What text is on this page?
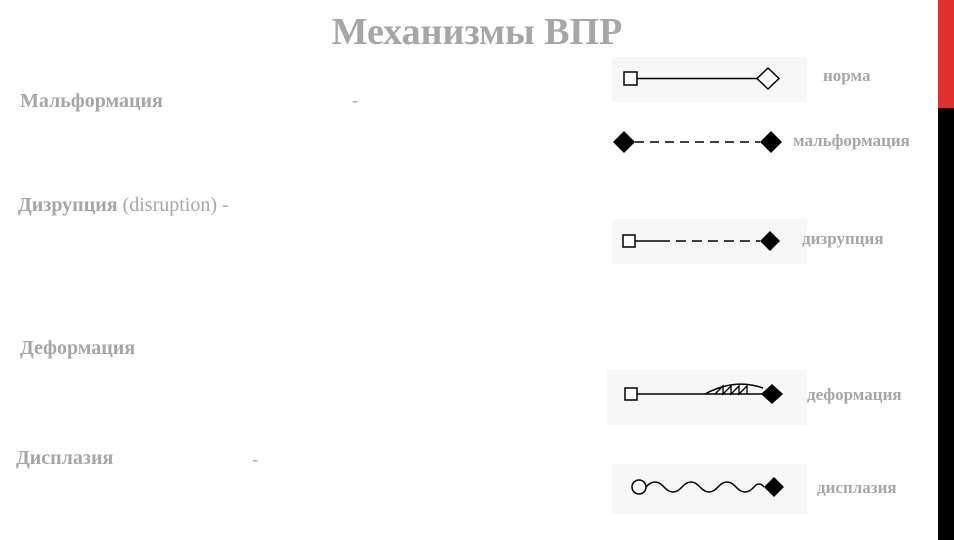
Механизмы ВПР
Мальформация	-
Дизрупция (disruption) -
Деформация
Дисплазия	-
норма
мальформация
дизрупция
деформация
дисплазия
